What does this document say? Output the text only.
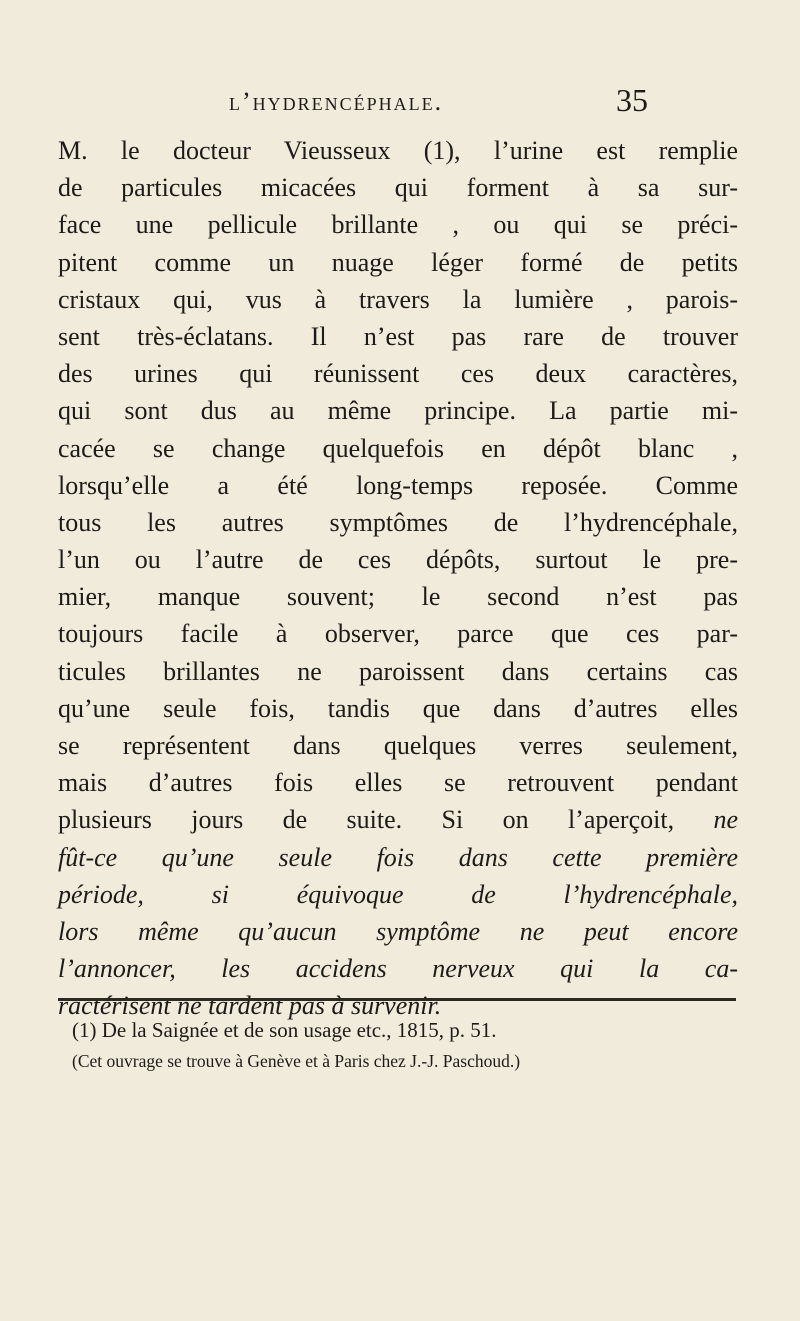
l’hydrencéphale.	35
M. le docteur Vieusseux (1), l’urine est remplie
de particules micacées qui forment à sa sur-
face une pellicule brillante , ou qui se préci-
pitent comme un nuage léger formé de petits
cristaux qui, vus à travers la lumière , parois-
sent très-éclatans. Il n’est pas rare de trouver
des urines qui réunissent ces deux caractères,
qui sont dus au même principe. La partie mi-
cacée se change quelquefois en dépôt blanc ,
lorsqu’elle a été long-temps reposée. Comme
tous les autres symptômes de l’hydrencéphale,
l’un ou l’autre de ces dépôts, surtout le pre-
mier, manque souvent; le second n’est pas
toujours facile à observer, parce que ces par-
ticules brillantes ne paroissent dans certains cas
qu’une seule fois, tandis que dans d’autres elles
se représentent dans quelques verres seulement,
mais d’autres fois elles se retrouvent pendant
plusieurs jours de suite. Si on l’aperçoit, ne
fût-ce qu’une seule fois dans cette première
période, si équivoque de l’hydrencéphale,
lors même qu’aucun symptôme ne peut encore
l’annoncer, les accidens nerveux qui la ca-
ractérisent ne tardent pas à survenir.
(1) De la Saignée et de son usage etc., 1815, p. 51.
(Cet ouvrage se trouve à Genève et à Paris chez J.-J. Paschoud.)
